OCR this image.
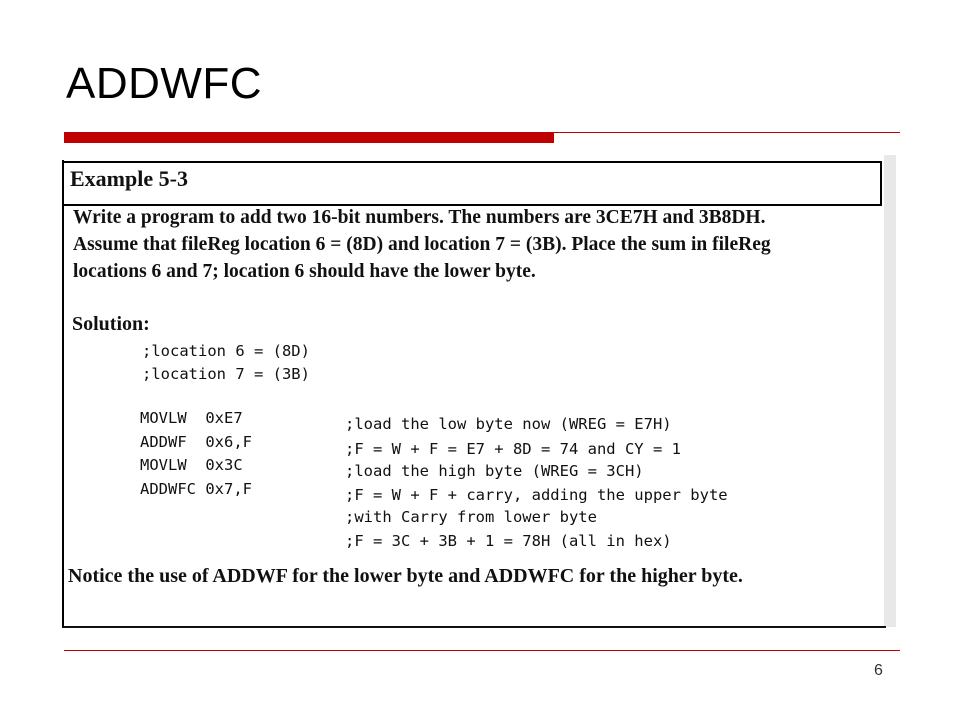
ADDWFC
Example 5-3
Write a program to add two 16-bit numbers. The numbers are 3CE7H and 3B8DH.
Assume that fileReg location 6 = (8D) and location 7 = (3B). Place the sum in fileReg
locations 6 and 7; location 6 should have the lower byte.
Solution:
;location 6 = (8D)
;location 7 = (3B)
MOVLW  0xE7	;load the low byte now (WREG = E7H)
ADDWF  0x6,F	;F = W + F = E7 + 8D = 74 and CY = 1
MOVLW  0x3C	;load the high byte (WREG = 3CH)
ADDWFC 0x7,F	;F = W + F + carry, adding the upper byte
;with Carry from lower byte
;F = 3C + 3B + 1 = 78H (all in hex)
Notice the use of ADDWF for the lower byte and ADDWFC for the higher byte.
6
